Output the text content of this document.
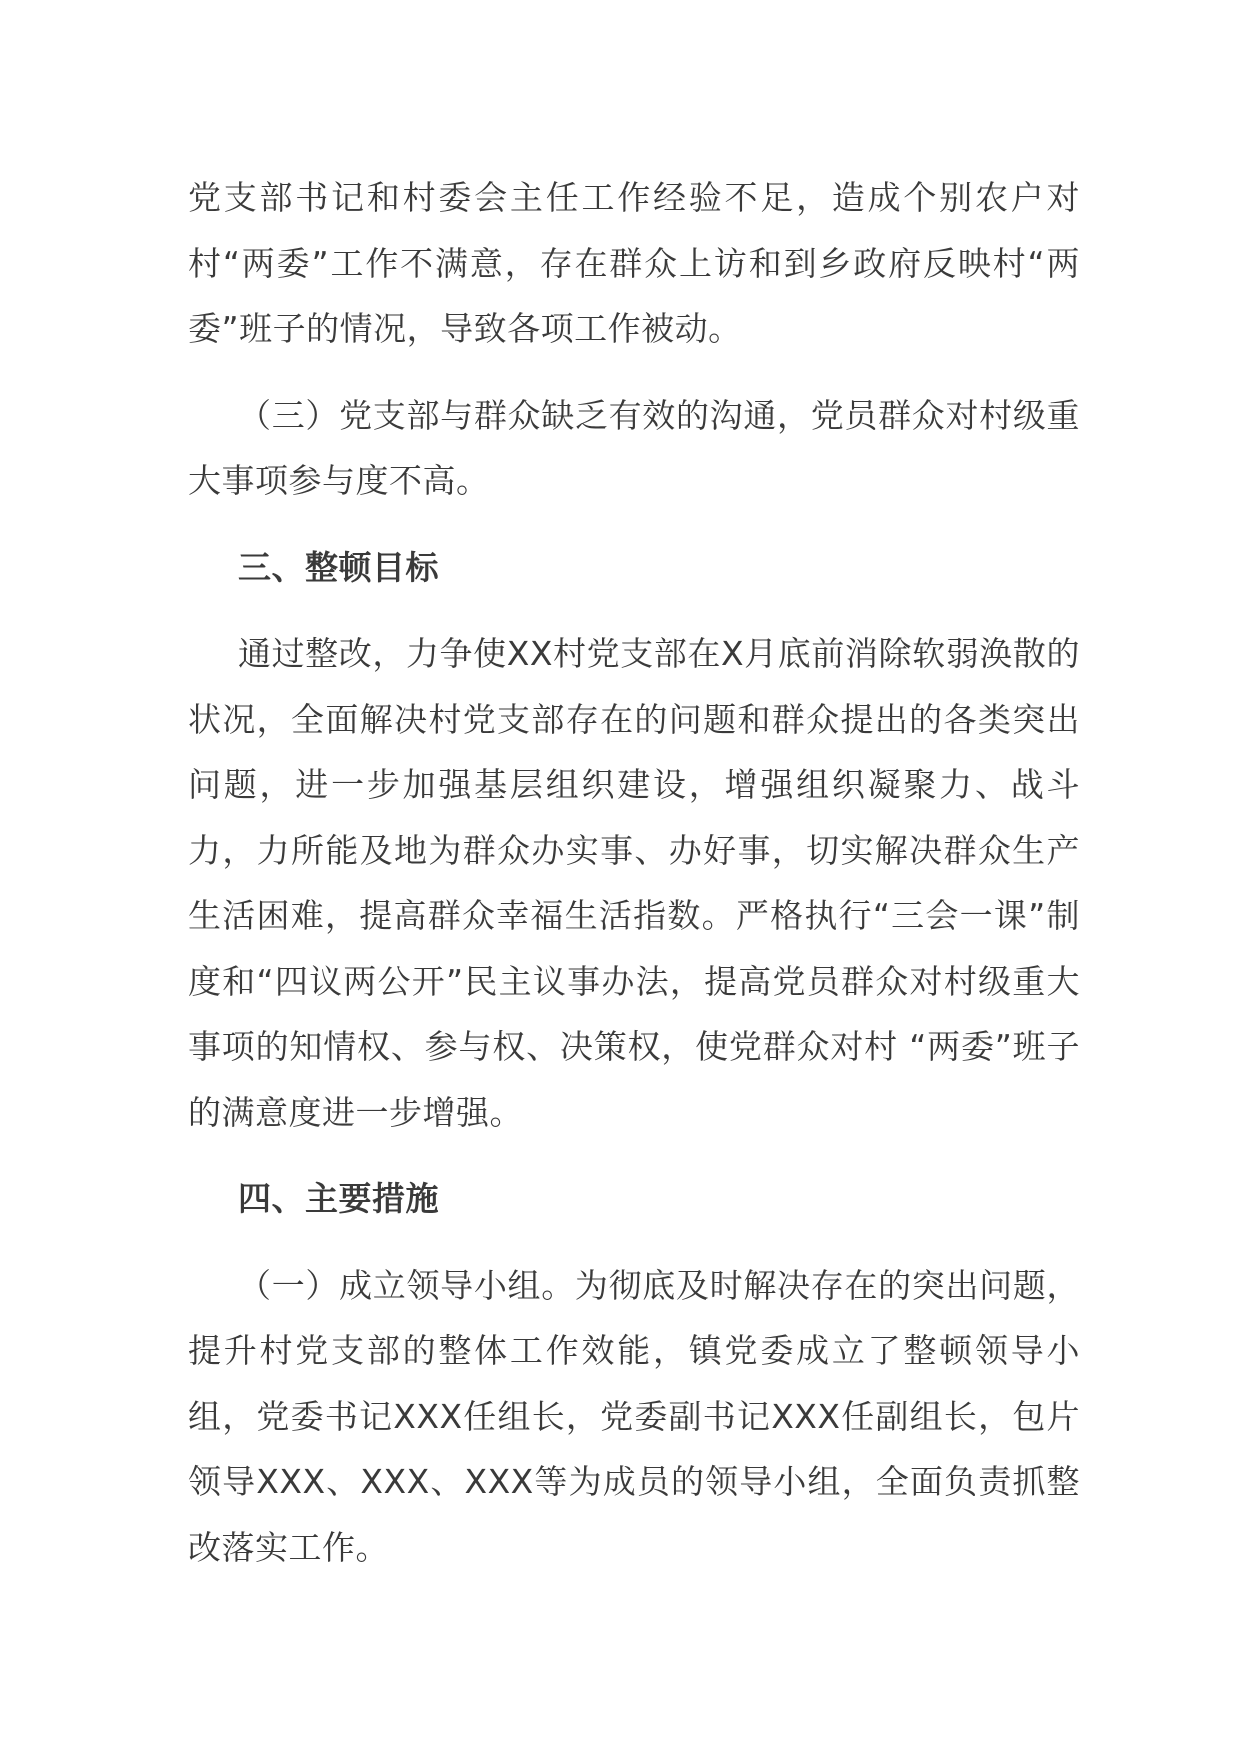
党支部书记和村委会主任工作经验不足，造成个别农户对村“两委”工作不满意，存在群众上访和到乡政府反映村“两委”班子的情况，导致各项工作被动。

（三）党支部与群众缺乏有效的沟通，党员群众对村级重大事项参与度不高。

三、整顿目标

通过整改，力争使XX村党支部在X月底前消除软弱涣散的状况，全面解决村党支部存在的问题和群众提出的各类突出问题，进一步加强基层组织建设，增强组织凝聚力、战斗力，力所能及地为群众办实事、办好事，切实解决群众生产生活困难，提高群众幸福生活指数。严格执行“三会一课”制度和“四议两公开”民主议事办法，提高党员群众对村级重大事项的知情权、参与权、决策权，使党群众对村 “两委”班子的满意度进一步增强。

四、主要措施

（一）成立领导小组。为彻底及时解决存在的突出问题，提升村党支部的整体工作效能，镇党委成立了整顿领导小组，党委书记XXX任组长，党委副书记XXX任副组长，包片领导XXX、XXX、XXX等为成员的领导小组，全面负责抓整改落实工作。
